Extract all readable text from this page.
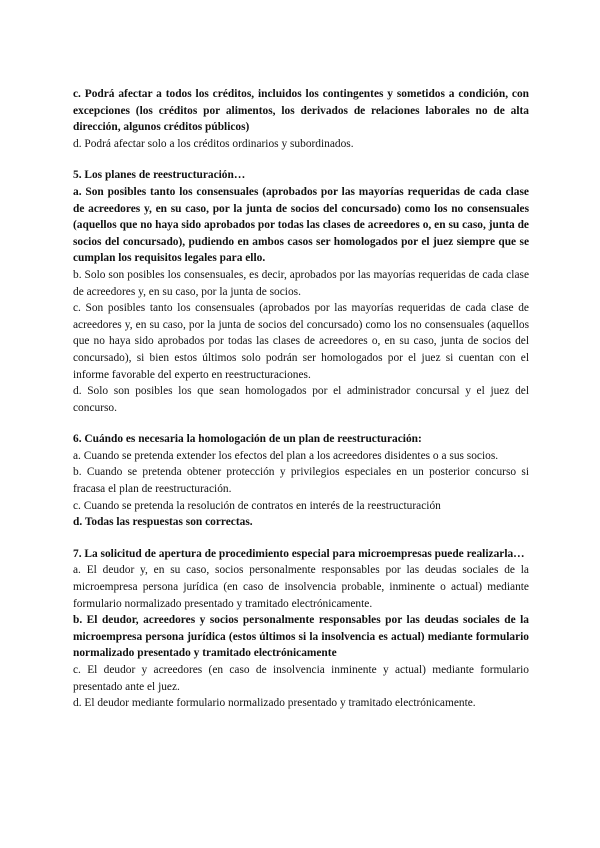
c. Podrá afectar a todos los créditos, incluidos los contingentes y sometidos a condición, con excepciones (los créditos por alimentos, los derivados de relaciones laborales no de alta dirección, algunos créditos públicos)

d. Podrá afectar solo a los créditos ordinarios y subordinados.

5. Los planes de reestructuración…

a. Son posibles tanto los consensuales (aprobados por las mayorías requeridas de cada clase de acreedores y, en su caso, por la junta de socios del concursado) como los no consensuales (aquellos que no haya sido aprobados por todas las clases de acreedores o, en su caso, junta de socios del concursado), pudiendo en ambos casos ser homologados por el juez siempre que se cumplan los requisitos legales para ello.

b. Solo son posibles los consensuales, es decir, aprobados por las mayorías requeridas de cada clase de acreedores y, en su caso, por la junta de socios.

c. Son posibles tanto los consensuales (aprobados por las mayorías requeridas de cada clase de acreedores y, en su caso, por la junta de socios del concursado) como los no consensuales (aquellos que no haya sido aprobados por todas las clases de acreedores o, en su caso, junta de socios del concursado), si bien estos últimos solo podrán ser homologados por el juez si cuentan con el informe favorable del experto en reestructuraciones.

d. Solo son posibles los que sean homologados por el administrador concursal y el juez del concurso.

6. Cuándo es necesaria la homologación de un plan de reestructuración:

a. Cuando se pretenda extender los efectos del plan a los acreedores disidentes o a sus socios.

b. Cuando se pretenda obtener protección y privilegios especiales en un posterior concurso si fracasa el plan de reestructuración.

c. Cuando se pretenda la resolución de contratos en interés de la reestructuración

d. Todas las respuestas son correctas.

7. La solicitud de apertura de procedimiento especial para microempresas puede realizarla…

a. El deudor y, en su caso, socios personalmente responsables por las deudas sociales de la microempresa persona jurídica (en caso de insolvencia probable, inminente o actual) mediante formulario normalizado presentado y tramitado electrónicamente.

b. El deudor, acreedores y socios personalmente responsables por las deudas sociales de la microempresa persona jurídica (estos últimos si la insolvencia es actual) mediante formulario normalizado presentado y tramitado electrónicamente

c. El deudor y acreedores (en caso de insolvencia inminente y actual) mediante formulario presentado ante el juez.

d. El deudor mediante formulario normalizado presentado y tramitado electrónicamente.
